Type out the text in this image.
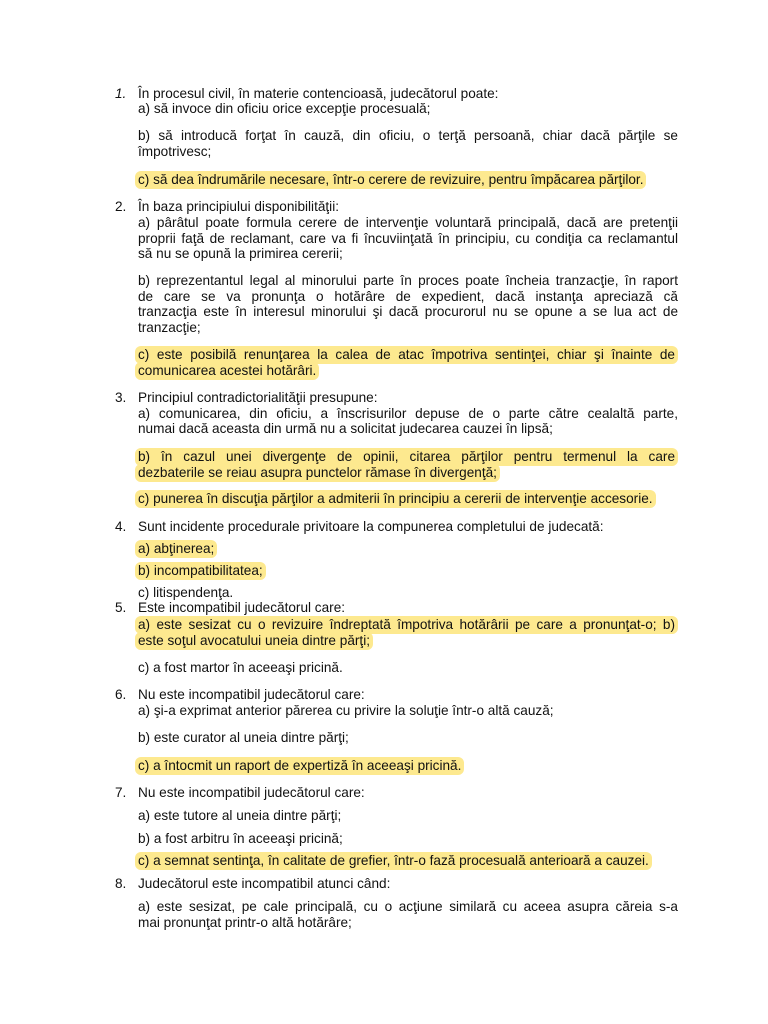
1. În procesul civil, în materie contencioasă, judecătorul poate:
a) să invoce din oficiu orice excepţie procesuală;
b) să introducă forţat în cauză, din oficiu, o terţă persoană, chiar dacă părţile se
împotrivesc;
c) să dea îndrumările necesare, într-o cerere de revizuire, pentru împăcarea părţilor.
2. În baza principiului disponibilităţii:
a) pârâtul poate formula cerere de intervenţie voluntară principală, dacă are pretenţii
proprii faţă de reclamant, care va fi încuviinţată în principiu, cu condiţia ca reclamantul
să nu se opună la primirea cererii;
b) reprezentantul legal al minorului parte în proces poate încheia tranzacţie, în raport
de care se va pronunţa o hotărâre de expedient, dacă instanţa apreciază că
tranzacţia este în interesul minorului şi dacă procurorul nu se opune a se lua act de
tranzacţie;
c) este posibilă renunţarea la calea de atac împotriva sentinţei, chiar şi înainte de
comunicarea acestei hotărâri.
3. Principiul contradictorialităţii presupune:
a) comunicarea, din oficiu, a înscrisurilor depuse de o parte către cealaltă parte,
numai dacă aceasta din urmă nu a solicitat judecarea cauzei în lipsă;
b) în cazul unei divergenţe de opinii, citarea părţilor pentru termenul la care
dezbaterile se reiau asupra punctelor rămase în divergenţă;
c) punerea în discuţia părţilor a admiterii în principiu a cererii de intervenţie accesorie.
4. Sunt incidente procedurale privitoare la compunerea completului de judecată:
a) abţinerea;
b) incompatibilitatea;
c) litispendenţa.
5. Este incompatibil judecătorul care:
a) este sesizat cu o revizuire îndreptată împotriva hotărârii pe care a pronunţat-o; b)
este soţul avocatului uneia dintre părţi;
c) a fost martor în aceeaşi pricină.
6. Nu este incompatibil judecătorul care:
a) şi-a exprimat anterior părerea cu privire la soluţie într-o altă cauză;
b) este curator al uneia dintre părţi;
c) a întocmit un raport de expertiză în aceeaşi pricină.
7. Nu este incompatibil judecătorul care:
a) este tutore al uneia dintre părţi;
b) a fost arbitru în aceeaşi pricină;
c) a semnat sentinţa, în calitate de grefier, într-o fază procesuală anterioară a cauzei.
8. Judecătorul este incompatibil atunci când:
a) este sesizat, pe cale principală, cu o acţiune similară cu aceea asupra căreia s-a
mai pronunţat printr-o altă hotărâre;
